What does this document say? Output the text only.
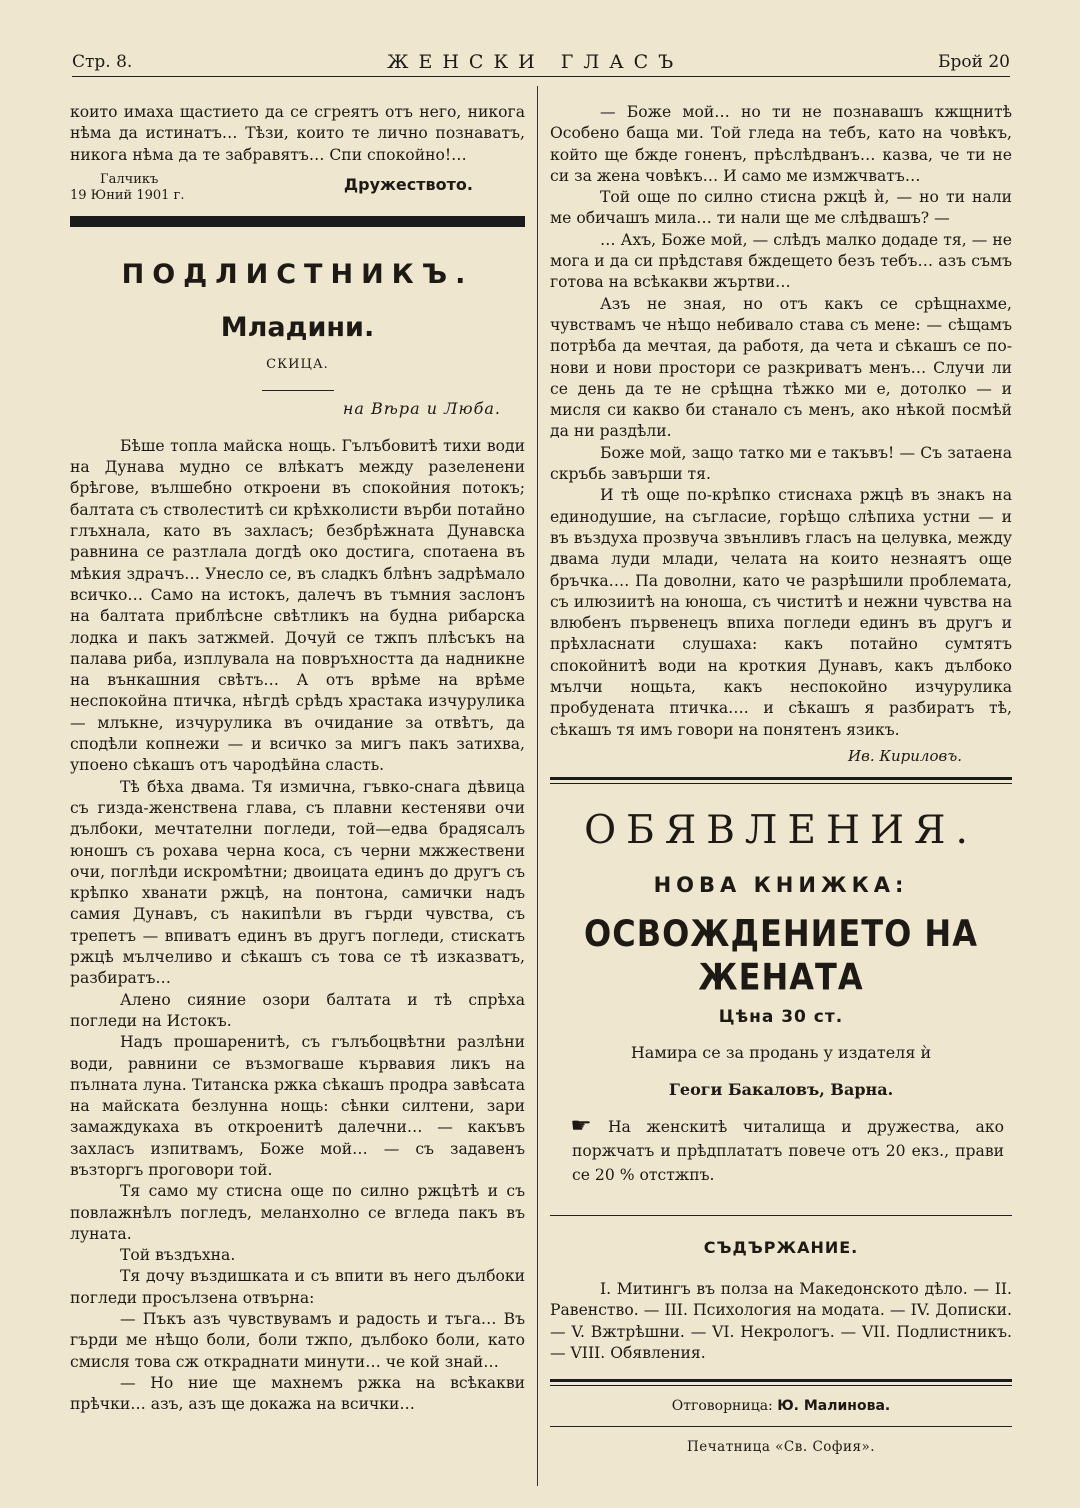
Стр. 8.	ЖЕНСКИ ГЛАСЪ	Брой 20

които имаха щастието да се сгреятъ отъ него, никога нѣма да истинатъ… Тѣзи, които те лично познаватъ, никога нѣма да те забравятъ… Спи спокойно!…

Галчикъ
19 Юний 1901 г.
Дружеството.
ПОДЛИСТНИКЪ.
Младини.
СКИЦА.
на Вѣра и Люба.

Бѣше топла майска нощь. Гълъбовитѣ тихи води на Дунава мудно се влѣкатъ между разеленени брѣгове, вълшебно откроени въ спокойния потокъ; балтата съ стволеститѣ си крѣхколисти върби потайно глъхнала, като въ захласъ; безбрѣжната Дунавска равнина се разтлала догдѣ око достига, спотаена въ мѣкия здрачъ… Унесло се, въ сладкъ блѣнъ задрѣмало всичко… Само на истокъ, далечъ въ тъмния заслонъ на балтата приблѣсне свѣтликъ на будна рибарска лодка и пакъ затжмей. Дочуй се тжпъ плѣсъкъ на палава риба, изплувала на повръхността да надникне на вънкашния свѣтъ… А отъ врѣме на врѣме неспокойна птичка, нѣгдѣ срѣдъ храстака изчурулика — млъкне, изчурулика въ очидание за отвѣтъ, да сподѣли копнежи — и всичко за мигъ пакъ затихва, упоено сѣкашъ отъ чародѣйна сласть.

Тѣ бѣха двама. Тя измична, гъвко-снага дѣвица съ гизда-женствена глава, съ плавни кестеняви очи дълбоки, мечтателни погледи, той—едва брадясалъ юношъ съ рохава черна коса, съ черни мжжествени очи, поглѣди искромѣтни; двоицата единъ до другъ съ крѣпко хванати ржцѣ, на понтона, самички надъ самия Дунавъ, съ накипѣли въ гърди чувства, съ трепетъ — впиватъ единъ въ другъ погледи, стискатъ ржцѣ мълчеливо и сѣкашъ съ това се тѣ изказватъ, разбиратъ…

Алено сияние озори балтата и тѣ спрѣха погледи на Истокъ.

Надъ прошаренитѣ, съ гълъбоцвѣтни разлѣни води, равнини се възмогваше кървавия ликъ на пълната луна. Титанска ржка сѣкашъ продра завѣсата на майската безлунна нощь: сѣнки силтени, зари замаждукаха въ откроенитѣ далечни… — какъвъ захласъ изпитвамъ, Боже мой… — съ задавенъ възторгъ проговори той.

Тя само му стисна още по силно ржцѣтѣ и съ повлажнѣлъ погледъ, меланхолно се вгледа пакъ въ луната.

Той въздъхна.

Тя дочу въздишката и съ впити въ него дълбоки погледи просълзена отвърна:

— Пъкъ азъ чувствувамъ и радость и тъга… Въ гърди ме нѣщо боли, боли тжпо, дълбоко боли, като смисля това сж откраднати минути… че кой знай…

— Но ние ще махнемъ ржка на всѣкакви прѣчки… азъ, азъ ще докажа на всички…

— Боже мой… но ти не познавашъ кжщнитѣ Особено баща ми. Той гледа на тебъ, като на човѣкъ, който ще бжде гоненъ, прѣслѣдванъ… казва, че ти не си за жена човѣкъ… И само ме измжчватъ…

Той още по силно стисна ржцѣ ѝ, — но ти нали ме обичашъ мила… ти нали ще ме слѣдвашъ? —

… Ахъ, Боже мой, — слѣдъ малко додаде тя, — не мога и да си прѣдставя бждещето безъ тебъ… азъ съмъ готова на всѣкакви жъртви…

Азъ не зная, но отъ какъ се срѣщнахме, чувствамъ че нѣщо небивало става съ мене: — сѣщамъ потрѣба да мечтая, да работя, да чета и сѣкашъ се по-нови и нови простори се разкриватъ менъ… Случи ли се день да те не срѣщна тѣжко ми е, дотолко — и мисля си какво би станало съ менъ, ако нѣкой посмѣй да ни раздѣли.

Боже мой, защо татко ми е такъвъ! — Съ затаена скръбь завърши тя.

И тѣ още по-крѣпко стиснаха ржцѣ въ знакъ на единодушие, на съгласие, горѣщо слѣпиха устни — и въ въздуха прозвуча звънливъ гласъ на целувка, между двама луди млади, челата на които незнаятъ още бръчка…. Па доволни, като че разрѣшили проблемата, съ илюзиитѣ на юноша, съ чиститѣ и нежни чувства на влюбенъ първенецъ впиха погледи единъ въ другъ и прѣхласнати слушаха: какъ потайно сумтятъ спокойнитѣ води на кроткия Дунавъ, какъ дълбоко мълчи нощьта, какъ неспокойно изчурулика пробудената птичка…. и сѣкашъ я разбиратъ тѣ, сѣкашъ тя имъ говори на понятенъ язикъ.

Ив. Кириловъ.
ОБЯВЛЕНИЯ.
НОВА КНИЖКА:
ОСВОЖДЕНИЕТО НА ЖЕНАТА
Цѣна 30 ст.
Намира се за продань у издателя ѝ
Геоги Бакаловъ, Варна.
☛ На женскитѣ читалища и дружества, ако поржчатъ и прѣдплататъ повече отъ 20 екз., прави се 20 % отстжпъ.
СЪДЪРЖАНИЕ.

I. Митингъ въ полза на Македонското дѣло. — II. Равенство. — III. Психология на модата. — IV. Дописки. — V. Вжтрѣшни. — VI. Некрологъ. — VII. Подлистникъ. — VIII. Обявления.

Отговорница: Ю. Малинова.
Печатница «Св. София».
